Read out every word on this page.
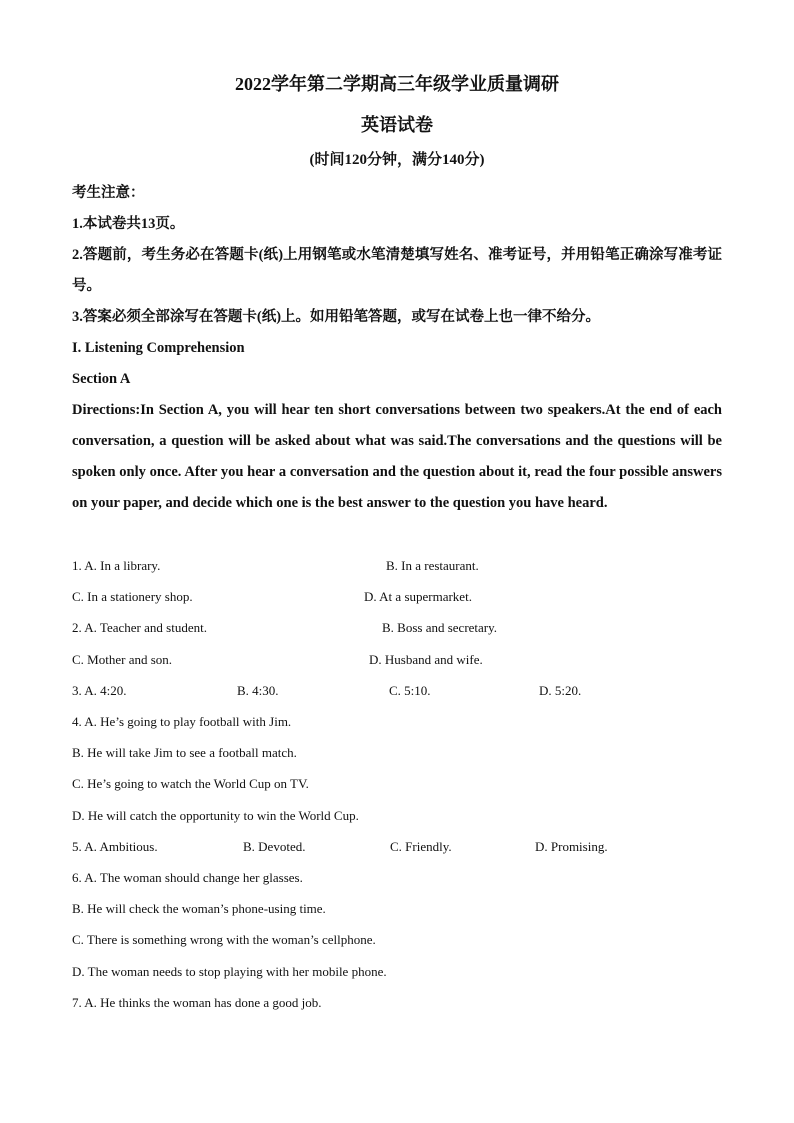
2022学年第二学期高三年级学业质量调研
英语试卷
(时间120分钟，满分140分)

考生注意：

1.本试卷共13页。

2.答题前，考生务必在答题卡(纸)上用钢笔或水笔清楚填写姓名、准考证号，并用铅笔正确涂写准考证号。

3.答案必须全部涂写在答题卡(纸)上。如用铅笔答题，或写在试卷上也一律不给分。

I. Listening Comprehension

Section A

Directions:In Section A, you will hear ten short conversations between two speakers.At the end of each conversation, a question will be asked about what was said.The conversations and the questions will be spoken only once. After you hear a conversation and the question about it, read the four possible answers on your paper, and decide which one is the best answer to the question you have heard.

1. A. In a library.	B. In a restaurant.
C. In a stationery shop.	D. At a supermarket.
2. A. Teacher and student.	B. Boss and secretary.
C. Mother and son.	D. Husband and wife.
3. A. 4:20.	B. 4:30.	C. 5:10.	D. 5:20.
4. A. He’s going to play football with Jim.
B. He will take Jim to see a football match.
C. He’s going to watch the World Cup on TV.
D. He will catch the opportunity to win the World Cup.
5. A. Ambitious.	B. Devoted.	C. Friendly.	D. Promising.
6. A. The woman should change her glasses.
B. He will check the woman’s phone-using time.
C. There is something wrong with the woman’s cellphone.
D. The woman needs to stop playing with her mobile phone.
7. A. He thinks the woman has done a good job.
